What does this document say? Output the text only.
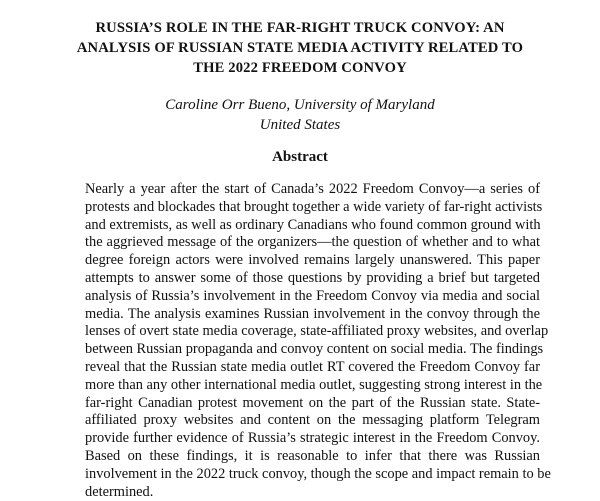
RUSSIA’S ROLE IN THE FAR-RIGHT TRUCK CONVOY: AN
ANALYSIS OF RUSSIAN STATE MEDIA ACTIVITY RELATED TO
THE 2022 FREEDOM CONVOY
Caroline Orr Bueno, University of Maryland
United States
Abstract
Nearly a year after the start of Canada’s 2022 Freedom Convoy—a series of
protests and blockades that brought together a wide variety of far-right activists
and extremists, as well as ordinary Canadians who found common ground with
the aggrieved message of the organizers—the question of whether and to what
degree foreign actors were involved remains largely unanswered. This paper
attempts to answer some of those questions by providing a brief but targeted
analysis of Russia’s involvement in the Freedom Convoy via media and social
media. The analysis examines Russian involvement in the convoy through the
lenses of overt state media coverage, state-affiliated proxy websites, and overlap
between Russian propaganda and convoy content on social media. The findings
reveal that the Russian state media outlet RT covered the Freedom Convoy far
more than any other international media outlet, suggesting strong interest in the
far-right Canadian protest movement on the part of the Russian state. State-
affiliated proxy websites and content on the messaging platform Telegram
provide further evidence of Russia’s strategic interest in the Freedom Convoy.
Based on these findings, it is reasonable to infer that there was Russian
involvement in the 2022 truck convoy, though the scope and impact remain to be
determined.
